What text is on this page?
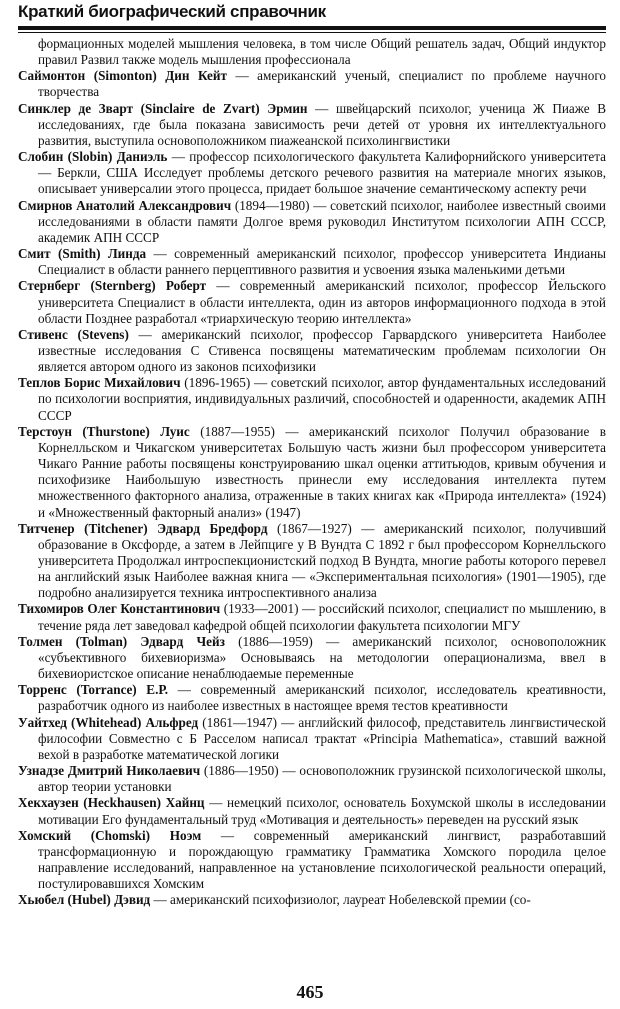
Краткий биографический справочник

формационных моделей мышления человека, в том числе Общий решатель задач, Общий индуктор правил Развил также модель мышления профессионала

Саймонтон (Simonton) Дин Кейт — американский ученый, специалист по проблеме научного творчества

Синклер де Зварт (Sinclaire de Zvart) Эрмин — швейцарский психолог, ученица Ж Пиаже В исследованиях, где была показана зависимость речи детей от уровня их интеллектуального развития, выступила основоположником пиажеанской психолингвистики

Слобин (Slobin) Даниэль — профессор психологического факультета Калифорнийского университета — Беркли, США Исследует проблемы детского речевого развития на материале многих языков, описывает универсалии этого процесса, придает большое значение семантическому аспекту речи

Смирнов Анатолий Александрович (1894—1980) — советский психолог, наиболее известный своими исследованиями в области памяти Долгое время руководил Институтом психологии АПН СССР, академик АПН СССР

Смит (Smith) Линда — современный американский психолог, профессор университета Индианы Специалист в области раннего перцептивного развития и усвоения языка маленькими детьми

Стернберг (Sternberg) Роберт — современный американский психолог, профессор Йельского университета Специалист в области интеллекта, один из авторов информационного подхода в этой области Позднее разработал «триархическую теорию интеллекта»

Стивенс (Stevens) — американский психолог, профессор Гарвардского университета Наиболее известные исследования С Стивенса посвящены математическим проблемам психологии Он является автором одного из законов психофизики

Теплов Борис Михайлович (1896-1965) — советский психолог, автор фундаментальных исследований по психологии восприятия, индивидуальных различий, способностей и одаренности, академик АПН СССР

Терстоун (Thurstone) Луис (1887—1955) — американский психолог Получил образование в Корнелльском и Чикагском университетах Большую часть жизни был профессором университета Чикаго Ранние работы посвящены конструированию шкал оценки аттитьюдов, кривым обучения и психофизике Наибольшую известность принесли ему исследования интеллекта путем множественного факторного анализа, отраженные в таких книгах как «Природа интеллекта» (1924) и «Множественный факторный анализ» (1947)

Титченер (Titchener) Эдвард Бредфорд (1867—1927) — американский психолог, получивший образование в Оксфорде, а затем в Лейпциге у В Вундта С 1892 г был профессором Корнелльского университета Продолжал интроспекционистский подход В Вундта, многие работы которого перевел на английский язык Наиболее важная книга — «Экспериментальная психология» (1901—1905), где подробно анализируется техника интроспективного анализа

Тихомиров Олег Константинович (1933—2001) — российский психолог, специалист по мышлению, в течение ряда лет заведовал кафедрой общей психологии факультета психологии МГУ

Толмен (Tolman) Эдвард Чейз (1886—1959) — американский психолог, основоположник «субъективного бихевиоризма» Основываясь на методологии операционализма, ввел в бихевиористское описание ненаблюдаемые переменные

Торренс (Torrance) Е.Р. — современный американский психолог, исследователь креативности, разработчик одного из наиболее известных в настоящее время тестов креативности

Уайтхед (Whitehead) Альфред (1861—1947) — английский философ, представитель лингвистической философии Совместно с Б Расселом написал трактат «Principia Mathematica», ставший важной вехой в разработке математической логики

Узнадзе Дмитрий Николаевич (1886—1950) — основоположник грузинской психологической школы, автор теории установки

Хекхаузен (Heckhausen) Хайнц — немецкий психолог, основатель Бохумской школы в исследовании мотивации Его фундаментальный труд «Мотивация и деятельность» переведен на русский язык

Хомский (Chomski) Ноэм — современный американский лингвист, разработавший трансформационную и порождающую грамматику Грамматика Хомского породила целое направление исследований, направленное на установление психологической реальности операций, постулировавшихся Хомским

Хьюбел (Hubel) Дэвид — американский психофизиолог, лауреат Нобелевской премии (со-

465
